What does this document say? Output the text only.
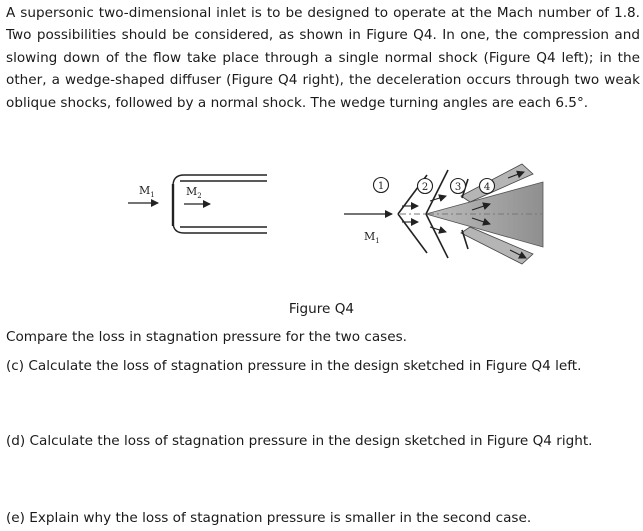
A supersonic two-dimensional inlet is to be designed to operate at the Mach number of 1.8. Two possibilities should be considered, as shown in Figure Q4. In one, the compression and slowing down of the flow take place through a single normal shock (Figure Q4 left); in the other, a wedge-shaped diffuser (Figure Q4 right), the deceleration occurs through two weak oblique shocks, followed by a normal shock. The wedge turning angles are each 6.5°.
$M_1$	$M_2$
$M_1$
1	2	3 4
Figure Q4
Compare the loss in stagnation pressure for the two cases.
(c) Calculate the loss of stagnation pressure in the design sketched in Figure Q4 left.
(d) Calculate the loss of stagnation pressure in the design sketched in Figure Q4 right.
(e) Explain why the loss of stagnation pressure is smaller in the second case.
